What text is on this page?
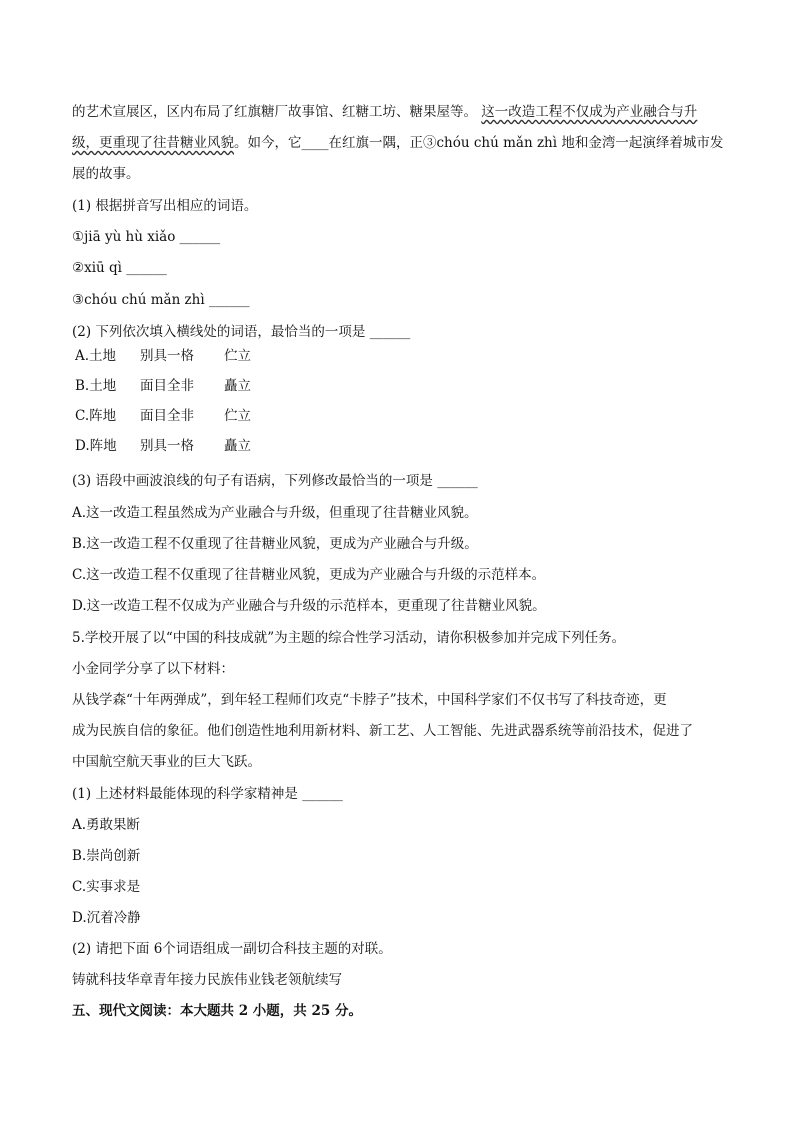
的艺术宣展区，区内布局了红旗糖厂故事馆、红糖工坊、糖果屋等。 这一改造工程不仅成为产业融合与升
级，更重现了往昔糖业风貌。如今，它____在红旗一隅，正③chóu chú mǎn zhì 地和金湾一起演绎着城市发
展的故事。
(1) 根据拼音写出相应的词语。
①jiā yù hù xiǎo ______
②xiū qì ______
③chóu chú mǎn zhì ______
(2) 下列依次填入横线处的词语，最恰当的一项是 ______
A.土地 别具一格 伫立
B.土地 面目全非 矗立
C.阵地 面目全非 伫立
D.阵地 别具一格 矗立
(3) 语段中画波浪线的句子有语病，下列修改最恰当的一项是 ______
A.这一改造工程虽然成为产业融合与升级，但重现了往昔糖业风貌。
B.这一改造工程不仅重现了往昔糖业风貌，更成为产业融合与升级。
C.这一改造工程不仅重现了往昔糖业风貌，更成为产业融合与升级的示范样本。
D.这一改造工程不仅成为产业融合与升级的示范样本，更重现了往昔糖业风貌。
5.学校开展了以“中国的科技成就”为主题的综合性学习活动，请你积极参加并完成下列任务。
小金同学分享了以下材料：
从钱学森“十年两弹成”，到年轻工程师们攻克“卡脖子”技术，中国科学家们不仅书写了科技奇迹，更
成为民族自信的象征。他们创造性地利用新材料、新工艺、人工智能、先进武器系统等前沿技术，促进了
中国航空航天事业的巨大飞跃。
(1) 上述材料最能体现的科学家精神是 ______
A.勇敢果断
B.崇尚创新
C.实事求是
D.沉着冷静
(2) 请把下面 6个词语组成一副切合科技主题的对联。
铸就科技华章青年接力民族伟业钱老领航续写
五、现代文阅读：本大题共 2 小题，共 25 分。
